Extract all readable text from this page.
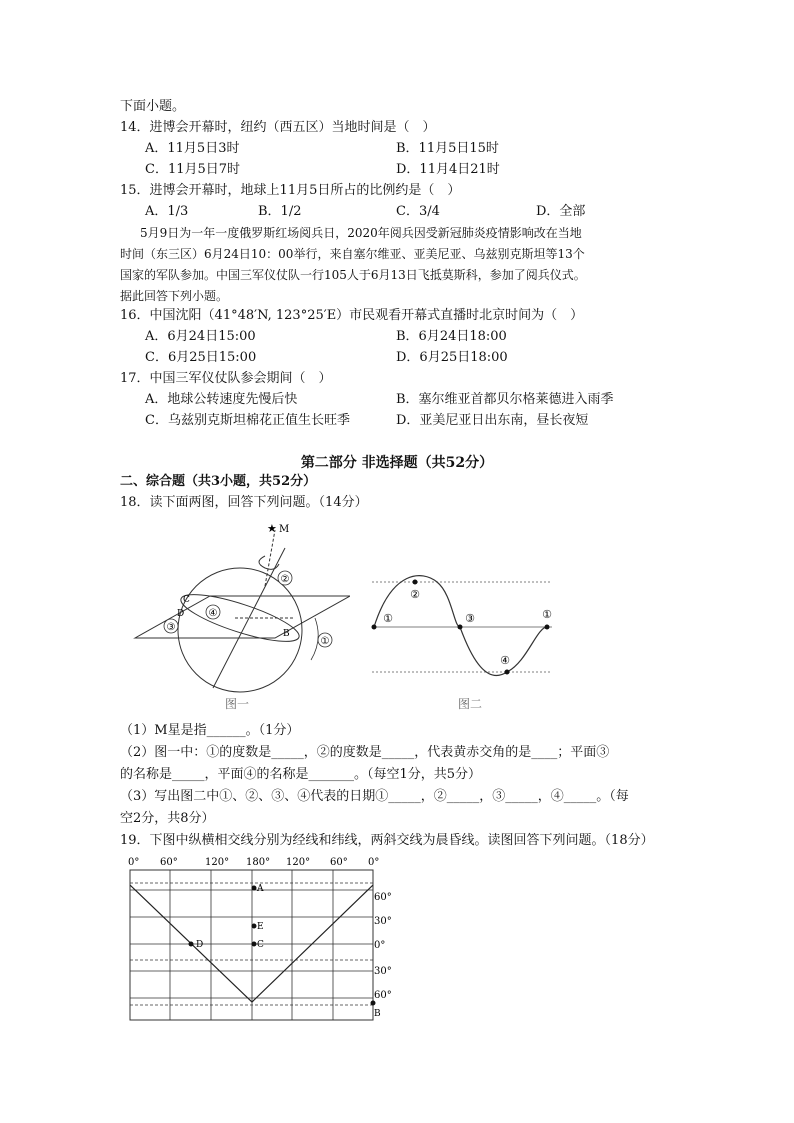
下面小题。
14．进博会开幕时，纽约（西五区）当地时间是（　）
A．11月5日3时	B．11月5日15时
C．11月5日7时	D．11月4日21时
15．进博会开幕时，地球上11月5日所占的比例约是（　）
A．1/3	B．1/2	C．3/4	D．全部
　5月9日为一年一度俄罗斯红场阅兵日，2020年阅兵因受新冠肺炎疫情影响改在当地
时间（东三区）6月24日10：00举行，来自塞尔维亚、亚美尼亚、乌兹别克斯坦等13个
国家的军队参加。中国三军仪仗队一行105人于6月13日飞抵莫斯科，参加了阅兵仪式。
据此回答下列小题。
16．中国沈阳（41°48′N, 123°25′E）市民观看开幕式直播时北京时间为（　）
A．6月24日15:00	B．6月24日18:00
C．6月25日15:00	D．6月25日18:00
17．中国三军仪仗队参会期间（　）
A．地球公转速度先慢后快	B．塞尔维亚首都贝尔格莱德进入雨季
C．乌兹别克斯坦棉花正值生长旺季	D．亚美尼亚日出东南，昼长夜短
第二部分 非选择题（共52分）
二、综合题（共3小题，共52分）
18．读下面两图，回答下列问题。（14分）
★ M
②
④
③
①
C
D
B
图一
①
②
③
④
①
图二
（1）M星是指______。（1分）
（2）图一中：①的度数是_____，②的度数是_____，代表黄赤交角的是____；平面③
的名称是_____，平面④的名称是_______。（每空1分，共5分）
（3）写出图二中①、②、③、④代表的日期①_____，②_____，③_____，④_____。（每
空2分，共8分）
19．下图中纵横相交线分别为经线和纬线，两斜交线为晨昏线。读图回答下列问题。（18分）
0° 60°	120° 180° 120° 60° 0°
60°
30°
0°
30°
60°
A
E
C
D
B
